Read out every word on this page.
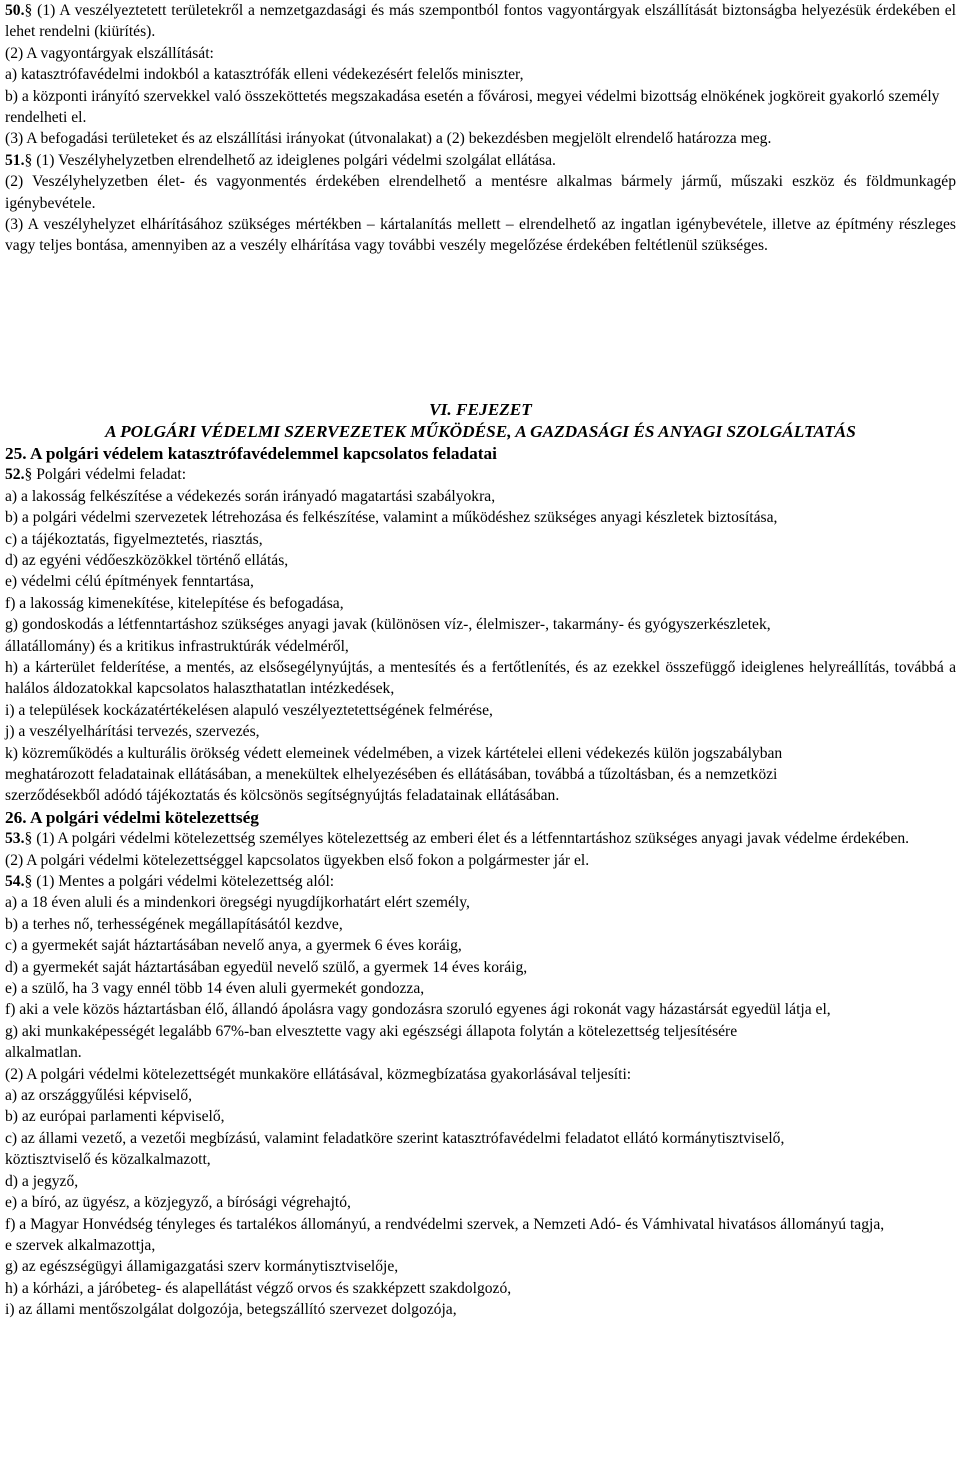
50.§ (1) A veszélyeztetett területekről a nemzetgazdasági és más szempontból fontos vagyontárgyak elszállítását biztonságba helyezésük érdekében el lehet rendelni (kiürítés).

(2) A vagyontárgyak elszállítását:

a) katasztrófavédelmi indokból a katasztrófák elleni védekezésért felelős miniszter,

b) a központi irányító szervekkel való összeköttetés megszakadása esetén a fővárosi, megyei védelmi bizottság elnökének jogköreit gyakorló személy rendelheti el.

(3) A befogadási területeket és az elszállítási irányokat (útvonalakat) a (2) bekezdésben megjelölt elrendelő határozza meg.

51.§ (1) Veszélyhelyzetben elrendelhető az ideiglenes polgári védelmi szolgálat ellátása.

(2) Veszélyhelyzetben élet- és vagyonmentés érdekében elrendelhető a mentésre alkalmas bármely jármű, műszaki eszköz és földmunkagép igénybevétele.

(3) A veszélyhelyzet elhárításához szükséges mértékben – kártalanítás mellett – elrendelhető az ingatlan igénybevétele, illetve az építmény részleges vagy teljes bontása, amennyiben az a veszély elhárítása vagy további veszély megelőzése érdekében feltétlenül szükséges.

VI. FEJEZET

A POLGÁRI VÉDELMI SZERVEZETEK MŰKÖDÉSE, A GAZDASÁGI ÉS ANYAGI SZOLGÁLTATÁS

25. A polgári védelem katasztrófavédelemmel kapcsolatos feladatai

52.§ Polgári védelmi feladat:

a) a lakosság felkészítése a védekezés során irányadó magatartási szabályokra,

b) a polgári védelmi szervezetek létrehozása és felkészítése, valamint a működéshez szükséges anyagi készletek biztosítása,

c) a tájékoztatás, figyelmeztetés, riasztás,

d) az egyéni védőeszközökkel történő ellátás,

e) védelmi célú építmények fenntartása,

f) a lakosság kimenekítése, kitelepítése és befogadása,

g) gondoskodás a létfenntartáshoz szükséges anyagi javak (különösen víz-, élelmiszer-, takarmány- és gyógyszerkészletek, állatállomány) és a kritikus infrastruktúrák védelméről,

h) a kárterület felderítése, a mentés, az elsősegélynyújtás, a mentesítés és a fertőtlenítés, és az ezekkel összefüggő ideiglenes helyreállítás, továbbá a halálos áldozatokkal kapcsolatos halaszthatatlan intézkedések,

i) a települések kockázatértékelésen alapuló veszélyeztetettségének felmérése,

j) a veszélyelhárítási tervezés, szervezés,

k) közreműködés a kulturális örökség védett elemeinek védelmében, a vizek kártételei elleni védekezés külön jogszabályban meghatározott feladatainak ellátásában, a menekültek elhelyezésében és ellátásában, továbbá a tűzoltásban, és a nemzetközi szerződésekből adódó tájékoztatás és kölcsönös segítségnyújtás feladatainak ellátásában.

26. A polgári védelmi kötelezettség

53.§ (1) A polgári védelmi kötelezettség személyes kötelezettség az emberi élet és a létfenntartáshoz szükséges anyagi javak védelme érdekében.

(2) A polgári védelmi kötelezettséggel kapcsolatos ügyekben első fokon a polgármester jár el.

54.§ (1) Mentes a polgári védelmi kötelezettség alól:

a) a 18 éven aluli és a mindenkori öregségi nyugdíjkorhatárt elért személy,

b) a terhes nő, terhességének megállapításától kezdve,

c) a gyermekét saját háztartásában nevelő anya, a gyermek 6 éves koráig,

d) a gyermekét saját háztartásában egyedül nevelő szülő, a gyermek 14 éves koráig,

e) a szülő, ha 3 vagy ennél több 14 éven aluli gyermekét gondozza,

f) aki a vele közös háztartásban élő, állandó ápolásra vagy gondozásra szoruló egyenes ági rokonát vagy házastársát egyedül látja el,

g) aki munkaképességét legalább 67%-ban elvesztette vagy aki egészségi állapota folytán a kötelezettség teljesítésére alkalmatlan.

(2) A polgári védelmi kötelezettségét munkaköre ellátásával, közmegbízatása gyakorlásával teljesíti:

a) az országgyűlési képviselő,

b) az európai parlamenti képviselő,

c) az állami vezető, a vezetői megbízású, valamint feladatköre szerint katasztrófavédelmi feladatot ellátó kormánytisztviselő, köztisztviselő és közalkalmazott,

d) a jegyző,

e) a bíró, az ügyész, a közjegyző, a bírósági végrehajtó,

f) a Magyar Honvédség tényleges és tartalékos állományú, a rendvédelmi szervek, a Nemzeti Adó- és Vámhivatal hivatásos állományú tagja, e szervek alkalmazottja,

g) az egészségügyi államigazgatási szerv kormánytisztviselője,

h) a kórházi, a járóbeteg- és alapellátást végző orvos és szakképzett szakdolgozó,

i) az állami mentőszolgálat dolgozója, betegszállító szervezet dolgozója,
